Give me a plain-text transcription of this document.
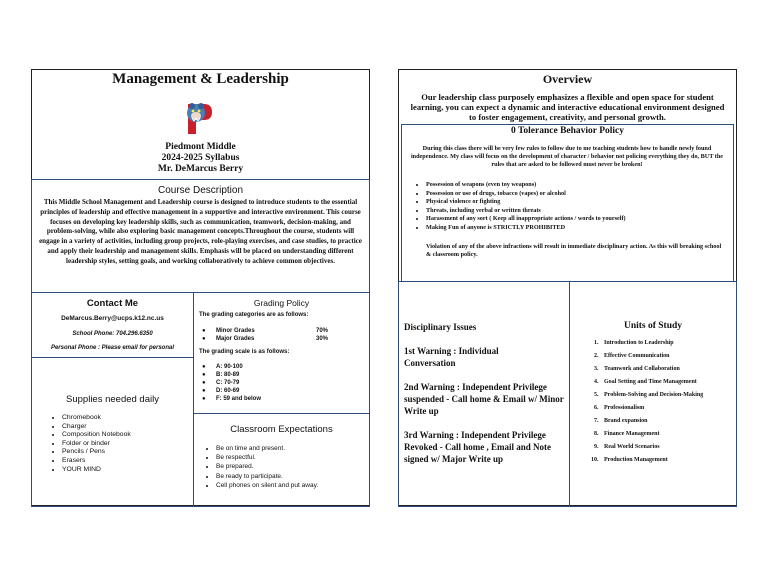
Management & Leadership
Piedmont Middle
2024-2025 Syllabus
Mr. DeMarcus Berry
Course Description
This Middle School Management and Leadership course is designed to introduce students to the essential principles of leadership and effective management in a supportive and interactive environment. This course focuses on developing key leadership skills, such as communication, teamwork, decision-making, and problem-solving, while also exploring basic management concepts.Throughout the course, students will engage in a variety of activities, including group projects, role-playing exercises, and case studies, to practice and apply their leadership and management skills. Emphasis will be placed on understanding different leadership styles, setting goals, and working collaboratively to achieve common objectives.
Contact Me
DeMarcus.Berry@ucps.k12.nc.us
School Phone: 704.296.6350
Personal Phone : Please email for personal
Grading Policy
The grading categories are as follows:
● Minor Grades	70%
● Major Grades	30%
The grading scale is as follows:
● A: 90-100
● B: 80-89
● C: 70-79
● D: 60-69
● F: 59 and below
Supplies needed daily
• Chromebook
• Charger
• Composition Notebook
• Folder or binder
• Pencils / Pens
• Erasers
• YOUR MIND
Classroom Expectations
• Be on time and present.
• Be respectful.
• Be prepared.
• Be ready to participate.
• Cell phones on silent and put away.
Overview
Our leadership class purposely emphasizes a flexible and open space for student learning, you can expect a dynamic and interactive educational environment designed to foster engagement, creativity, and personal growth.
0 Tolerance Behavior Policy
During this class there will be very few rules to follow due to me teaching students how to handle newly found independence. My class will focus on the development of character / behavior not policing everything they do, BUT the rules that are asked to be followed must never be broken!
• Possession of weapons (even toy weapons)
• Possession or use of drugs, tobacco (vapes) or alcohol
• Physical violence or fighting
• Threats, including verbal or written threats
• Harassment of any sort ( Keep all inappropriate actions / words to yourself)
• Making Fun of anyone is STRICTLY PROHIBITED
Violation of any of the above infractions will result in immediate disciplinary action. As this will breaking school & classroom policy.
Disciplinary Issues
1st Warning : Individual Conversation
2nd Warning : Independent Privilege suspended - Call home & Email w/ Minor Write up
3rd Warning : Independent Privilege Revoked - Call home , Email and Note signed w/ Major Write up
Units of Study
1. Introduction to Leadership
2. Effective Communication
3. Teamwork and Collaboration
4. Goal Setting and Time Management
5. Problem-Solving and Decision-Making
6. Professionalism
7. Brand expansion
8. Finance Management
9. Real World Scenarios
10. Production Management
